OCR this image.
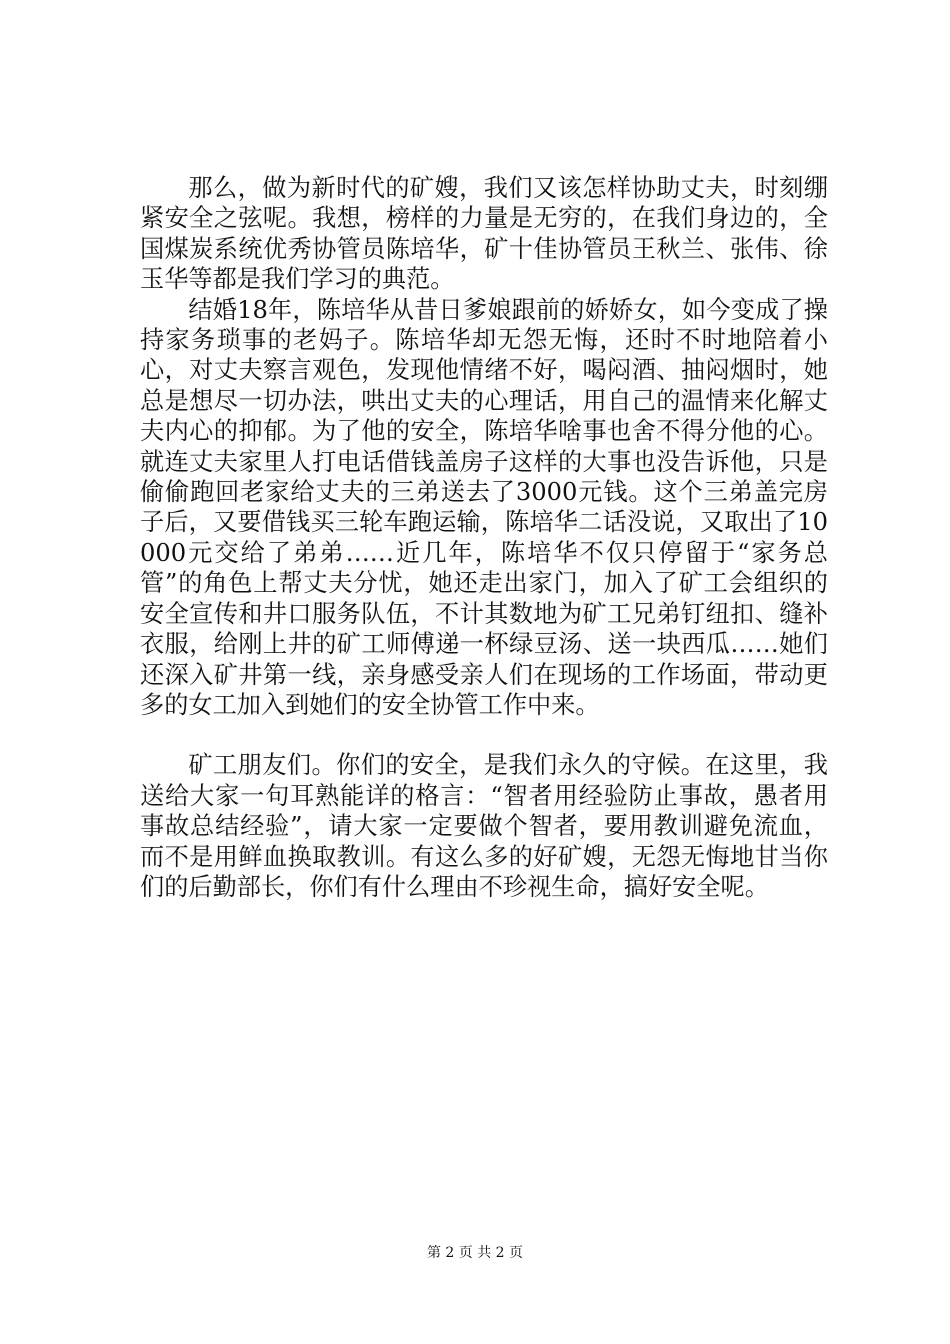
那么，做为新时代的矿嫂，我们又该怎样协助丈夫，时刻绷紧安全之弦呢。我想，榜样的力量是无穷的，在我们身边的，全国煤炭系统优秀协管员陈培华，矿十佳协管员王秋兰、张伟、徐玉华等都是我们学习的典范。

结婚18年，陈培华从昔日爹娘跟前的娇娇女，如今变成了操持家务琐事的老妈子。陈培华却无怨无悔，还时不时地陪着小心，对丈夫察言观色，发现他情绪不好，喝闷酒、抽闷烟时，她总是想尽一切办法，哄出丈夫的心理话，用自己的温情来化解丈夫内心的抑郁。为了他的安全，陈培华啥事也舍不得分他的心。就连丈夫家里人打电话借钱盖房子这样的大事也没告诉他，只是偷偷跑回老家给丈夫的三弟送去了3000元钱。这个三弟盖完房子后，又要借钱买三轮车跑运输，陈培华二话没说，又取出了10000元交给了弟弟……近几年，陈培华不仅只停留于“家务总管”的角色上帮丈夫分忧，她还走出家门，加入了矿工会组织的安全宣传和井口服务队伍，不计其数地为矿工兄弟钉纽扣、缝补衣服，给刚上井的矿工师傅递一杯绿豆汤、送一块西瓜……她们还深入矿井第一线，亲身感受亲人们在现场的工作场面，带动更多的女工加入到她们的安全协管工作中来。

矿工朋友们。你们的安全，是我们永久的守候。在这里，我送给大家一句耳熟能详的格言：“智者用经验防止事故，愚者用事故总结经验”，请大家一定要做个智者，要用教训避免流血，而不是用鲜血换取教训。有这么多的好矿嫂，无怨无悔地甘当你们的后勤部长，你们有什么理由不珍视生命，搞好安全呢。

第 2 页 共 2 页
